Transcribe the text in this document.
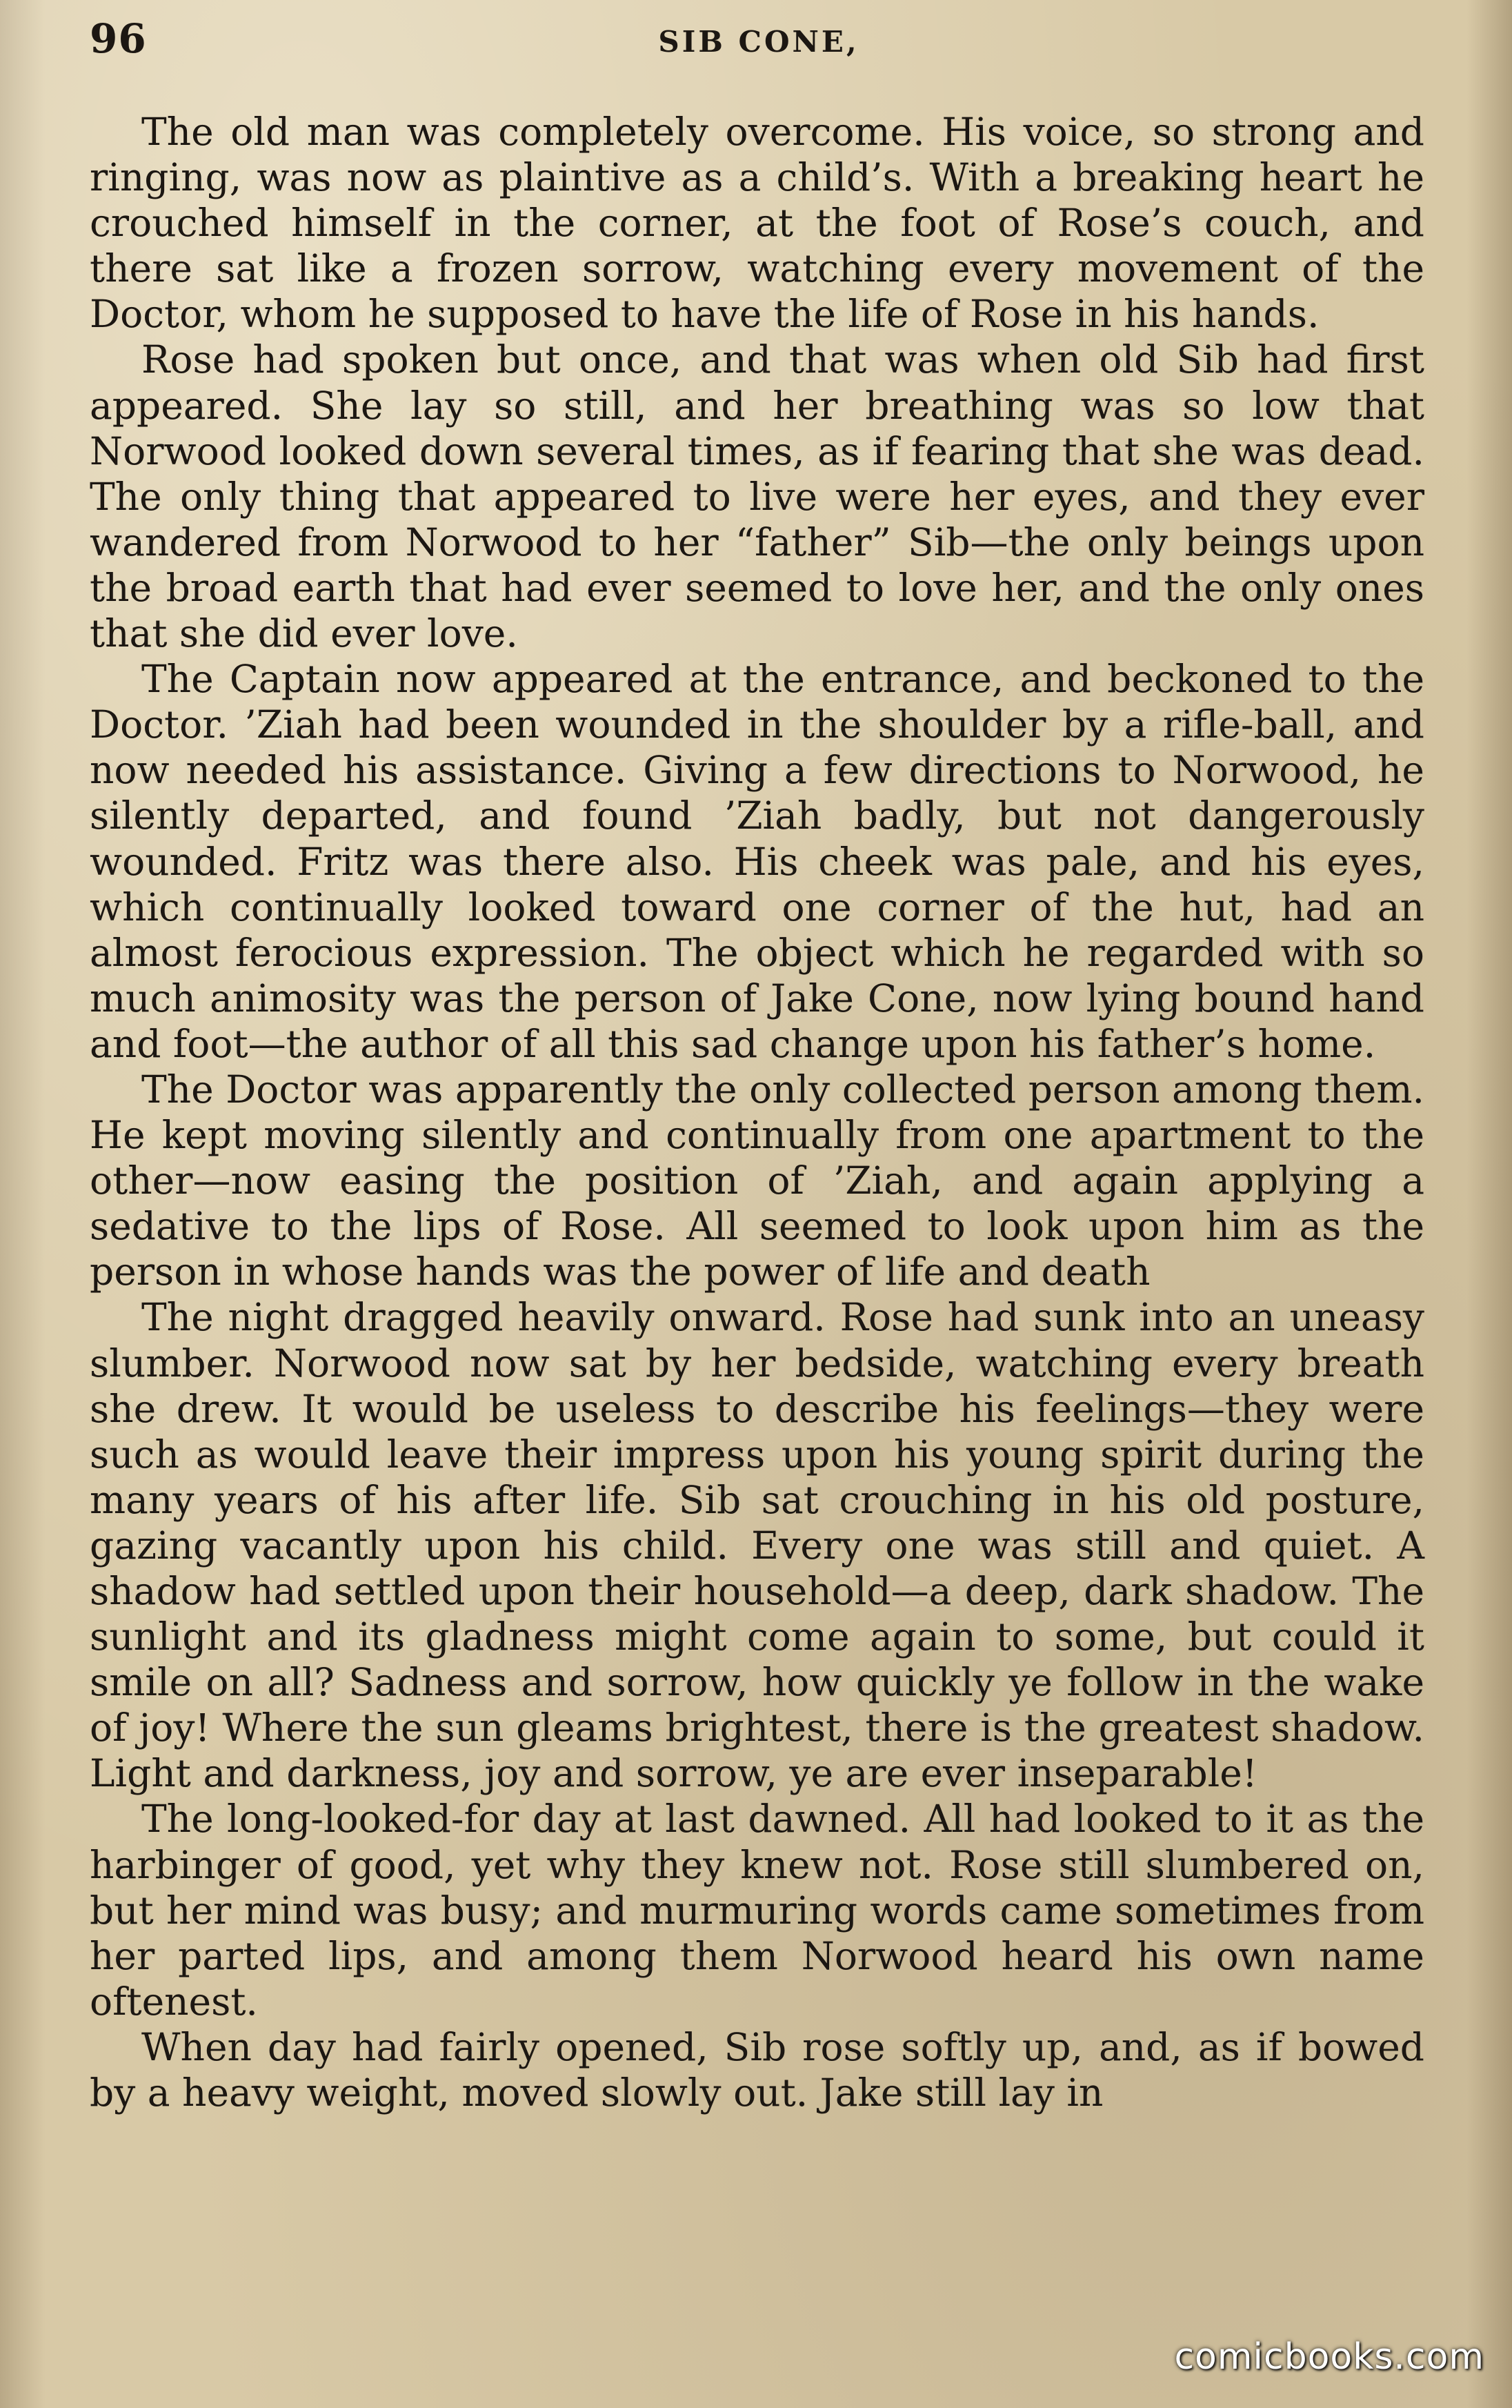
96	SIB CONE,

The old man was completely overcome. His voice, so strong and ringing, was now as plaintive as a child’s. With a breaking heart he crouched himself in the corner, at the foot of Rose’s couch, and there sat like a frozen sorrow, watching every movement of the Doctor, whom he supposed to have the life of Rose in his hands.

Rose had spoken but once, and that was when old Sib had first appeared. She lay so still, and her breathing was so low that Norwood looked down several times, as if fearing that she was dead. The only thing that appeared to live were her eyes, and they ever wandered from Norwood to her “father” Sib—the only beings upon the broad earth that had ever seemed to love her, and the only ones that she did ever love.

The Captain now appeared at the entrance, and beckoned to the Doctor. ’Ziah had been wounded in the shoulder by a rifle-ball, and now needed his assistance. Giving a few directions to Norwood, he silently departed, and found ’Ziah badly, but not dangerously wounded. Fritz was there also. His cheek was pale, and his eyes, which continually looked toward one corner of the hut, had an almost ferocious expression. The object which he regarded with so much animosity was the person of Jake Cone, now lying bound hand and foot—the author of all this sad change upon his father’s home.

The Doctor was apparently the only collected person among them. He kept moving silently and continually from one apartment to the other—now easing the position of ’Ziah, and again applying a sedative to the lips of Rose. All seemed to look upon him as the person in whose hands was the power of life and death

The night dragged heavily onward. Rose had sunk into an uneasy slumber. Norwood now sat by her bedside, watching every breath she drew. It would be useless to describe his feelings—they were such as would leave their impress upon his young spirit during the many years of his after life. Sib sat crouching in his old posture, gazing vacantly upon his child. Every one was still and quiet. A shadow had settled upon their household—a deep, dark shadow. The sunlight and its gladness might come again to some, but could it smile on all? Sadness and sorrow, how quickly ye follow in the wake of joy! Where the sun gleams brightest, there is the greatest shadow. Light and darkness, joy and sorrow, ye are ever inseparable!

The long-looked-for day at last dawned. All had looked to it as the harbinger of good, yet why they knew not. Rose still slumbered on, but her mind was busy; and murmuring words came sometimes from her parted lips, and among them Norwood heard his own name oftenest.

When day had fairly opened, Sib rose softly up, and, as if bowed by a heavy weight, moved slowly out. Jake still lay in

comicbooks.com
